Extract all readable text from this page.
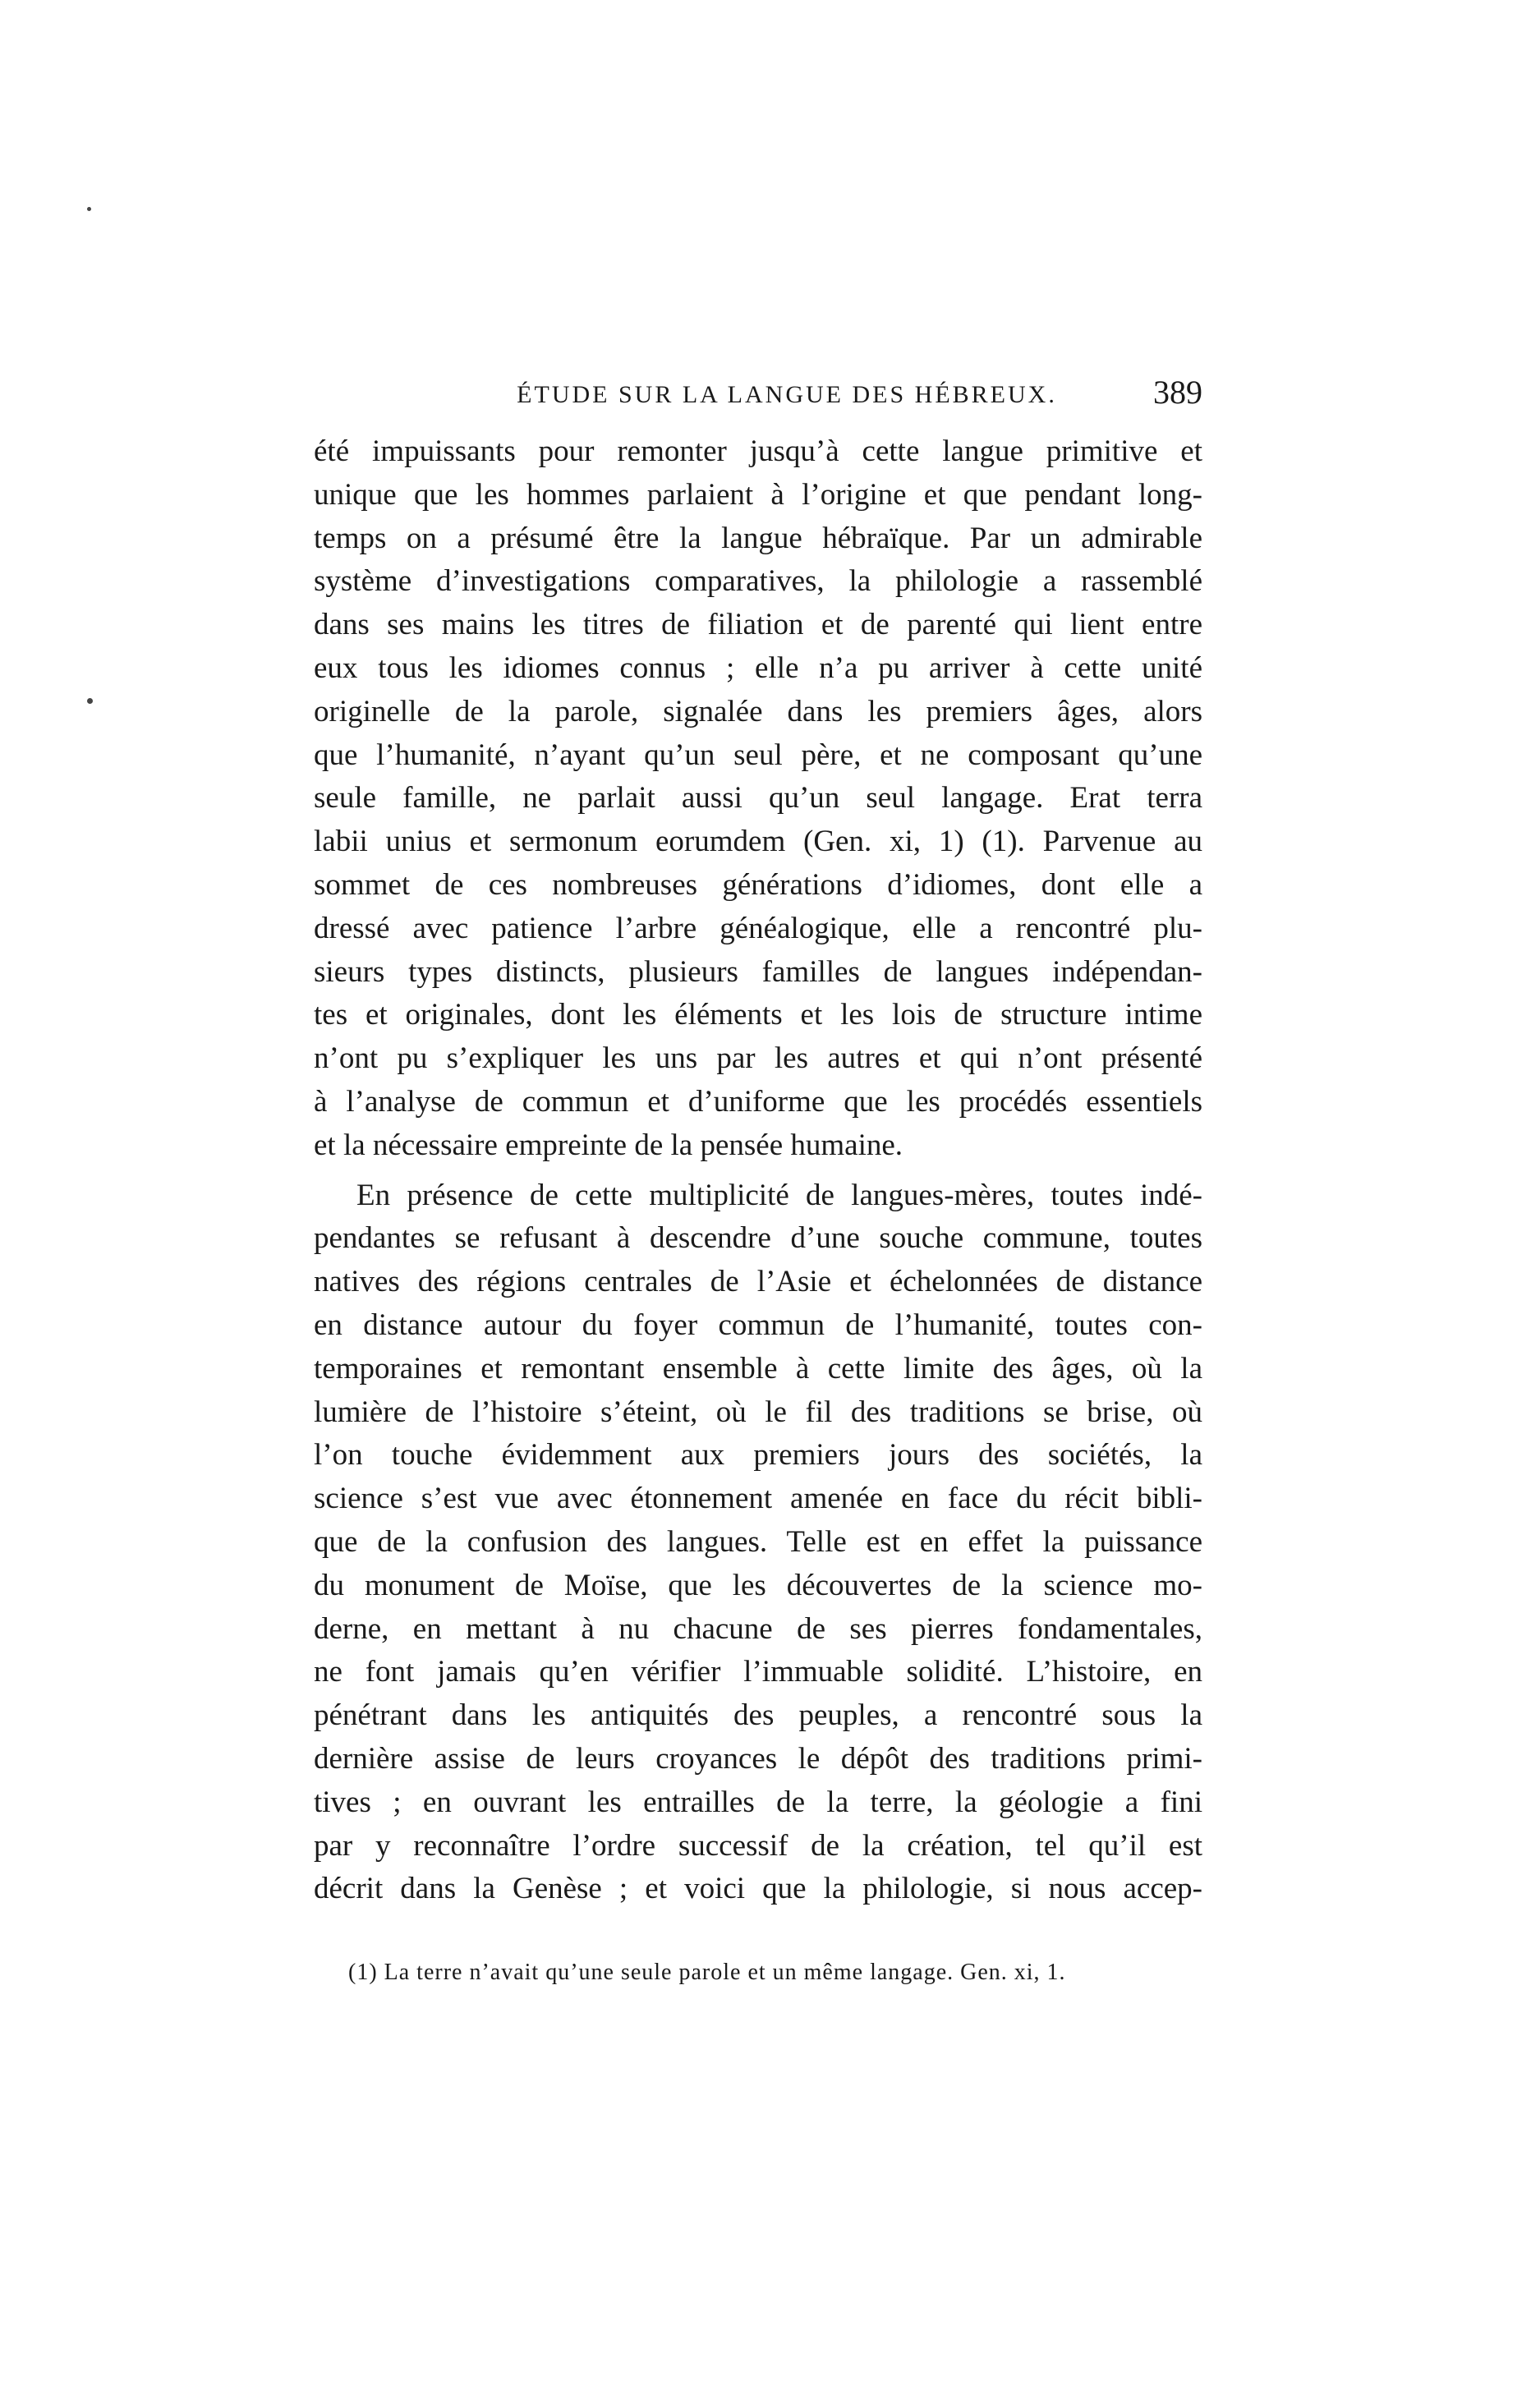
ÉTUDE SUR LA LANGUE DES HÉBREUX.	389
été impuissants pour remonter jusqu’à cette langue primitive et
unique que les hommes parlaient à l’origine et que pendant long-
temps on a présumé être la langue hébraïque. Par un admirable
système d’investigations comparatives, la philologie a rassemblé
dans ses mains les titres de filiation et de parenté qui lient entre
eux tous les idiomes connus ; elle n’a pu arriver à cette unité
originelle de la parole, signalée dans les premiers âges, alors
que l’humanité, n’ayant qu’un seul père, et ne composant qu’une
seule famille, ne parlait aussi qu’un seul langage. Erat terra
labii unius et sermonum eorumdem (Gen. xi, 1) (1). Parvenue au
sommet de ces nombreuses générations d’idiomes, dont elle a
dressé avec patience l’arbre généalogique, elle a rencontré plu-
sieurs types distincts, plusieurs familles de langues indépendan-
tes et originales, dont les éléments et les lois de structure intime
n’ont pu s’expliquer les uns par les autres et qui n’ont présenté
à l’analyse de commun et d’uniforme que les procédés essentiels
et la nécessaire empreinte de la pensée humaine.
En présence de cette multiplicité de langues-mères, toutes indé-
pendantes se refusant à descendre d’une souche commune, toutes
natives des régions centrales de l’Asie et échelonnées de distance
en distance autour du foyer commun de l’humanité, toutes con-
temporaines et remontant ensemble à cette limite des âges, où la
lumière de l’histoire s’éteint, où le fil des traditions se brise, où
l’on touche évidemment aux premiers jours des sociétés, la
science s’est vue avec étonnement amenée en face du récit bibli-
que de la confusion des langues. Telle est en effet la puissance
du monument de Moïse, que les découvertes de la science mo-
derne, en mettant à nu chacune de ses pierres fondamentales,
ne font jamais qu’en vérifier l’immuable solidité. L’histoire, en
pénétrant dans les antiquités des peuples, a rencontré sous la
dernière assise de leurs croyances le dépôt des traditions primi-
tives ; en ouvrant les entrailles de la terre, la géologie a fini
par y reconnaître l’ordre successif de la création, tel qu’il est
décrit dans la Genèse ; et voici que la philologie, si nous accep-
(1) La terre n’avait qu’une seule parole et un même langage. Gen. xi, 1.
